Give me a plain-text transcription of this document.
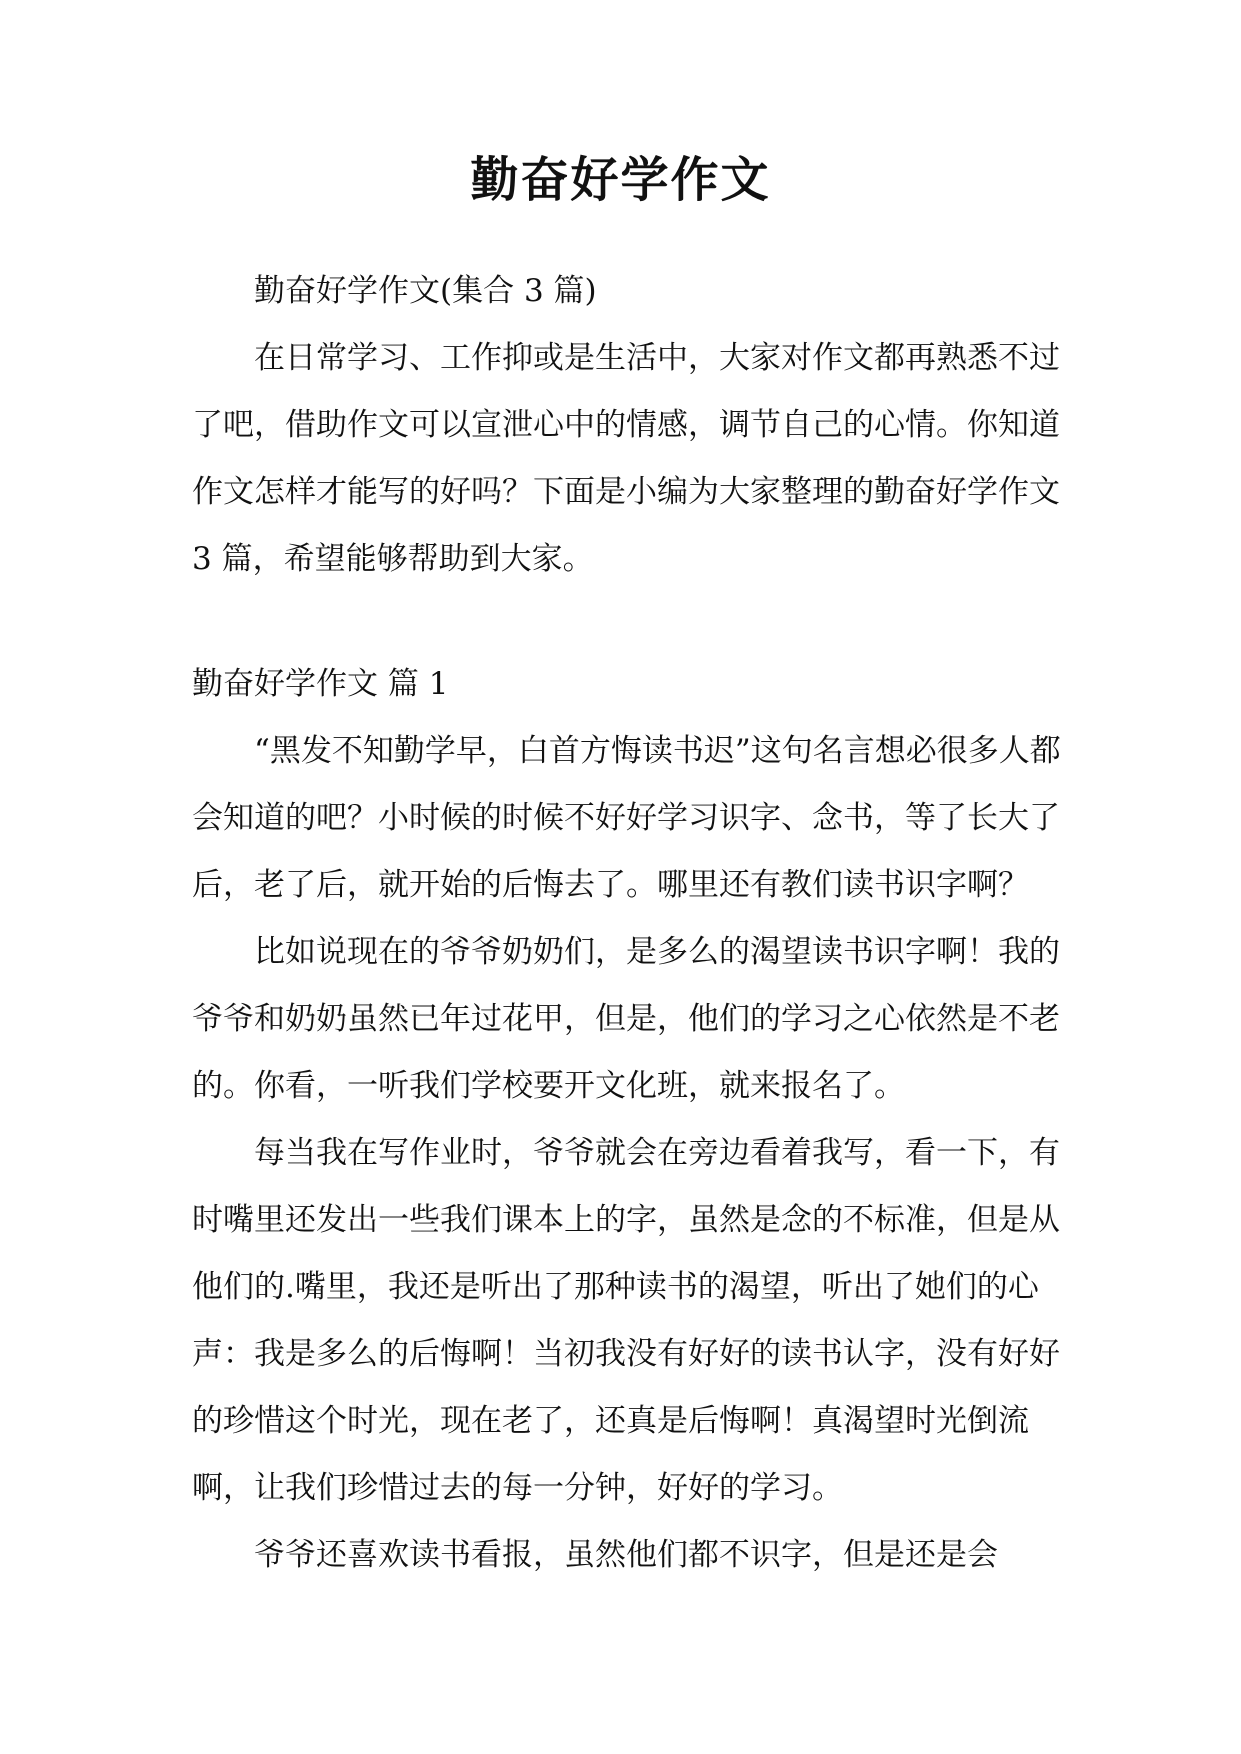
勤奋好学作文

勤奋好学作文(集合 3 篇)

在日常学习、工作抑或是生活中，大家对作文都再熟悉不过了吧，借助作文可以宣泄心中的情感，调节自己的心情。你知道作文怎样才能写的好吗？下面是小编为大家整理的勤奋好学作文 3 篇，希望能够帮助到大家。

勤奋好学作文 篇 1

“黑发不知勤学早，白首方悔读书迟”这句名言想必很多人都会知道的吧？小时候的时候不好好学习识字、念书，等了长大了后，老了后，就开始的后悔去了。哪里还有教们读书识字啊？

比如说现在的爷爷奶奶们，是多么的渴望读书识字啊！我的爷爷和奶奶虽然已年过花甲，但是，他们的学习之心依然是不老的。你看，一听我们学校要开文化班，就来报名了。

每当我在写作业时，爷爷就会在旁边看着我写，看一下，有时嘴里还发出一些我们课本上的字，虽然是念的不标准，但是从他们的.嘴里，我还是听出了那种读书的渴望，听出了她们的心声：我是多么的后悔啊！当初我没有好好的读书认字，没有好好的珍惜这个时光，现在老了，还真是后悔啊！真渴望时光倒流啊，让我们珍惜过去的每一分钟，好好的学习。

爷爷还喜欢读书看报，虽然他们都不识字，但是还是会
